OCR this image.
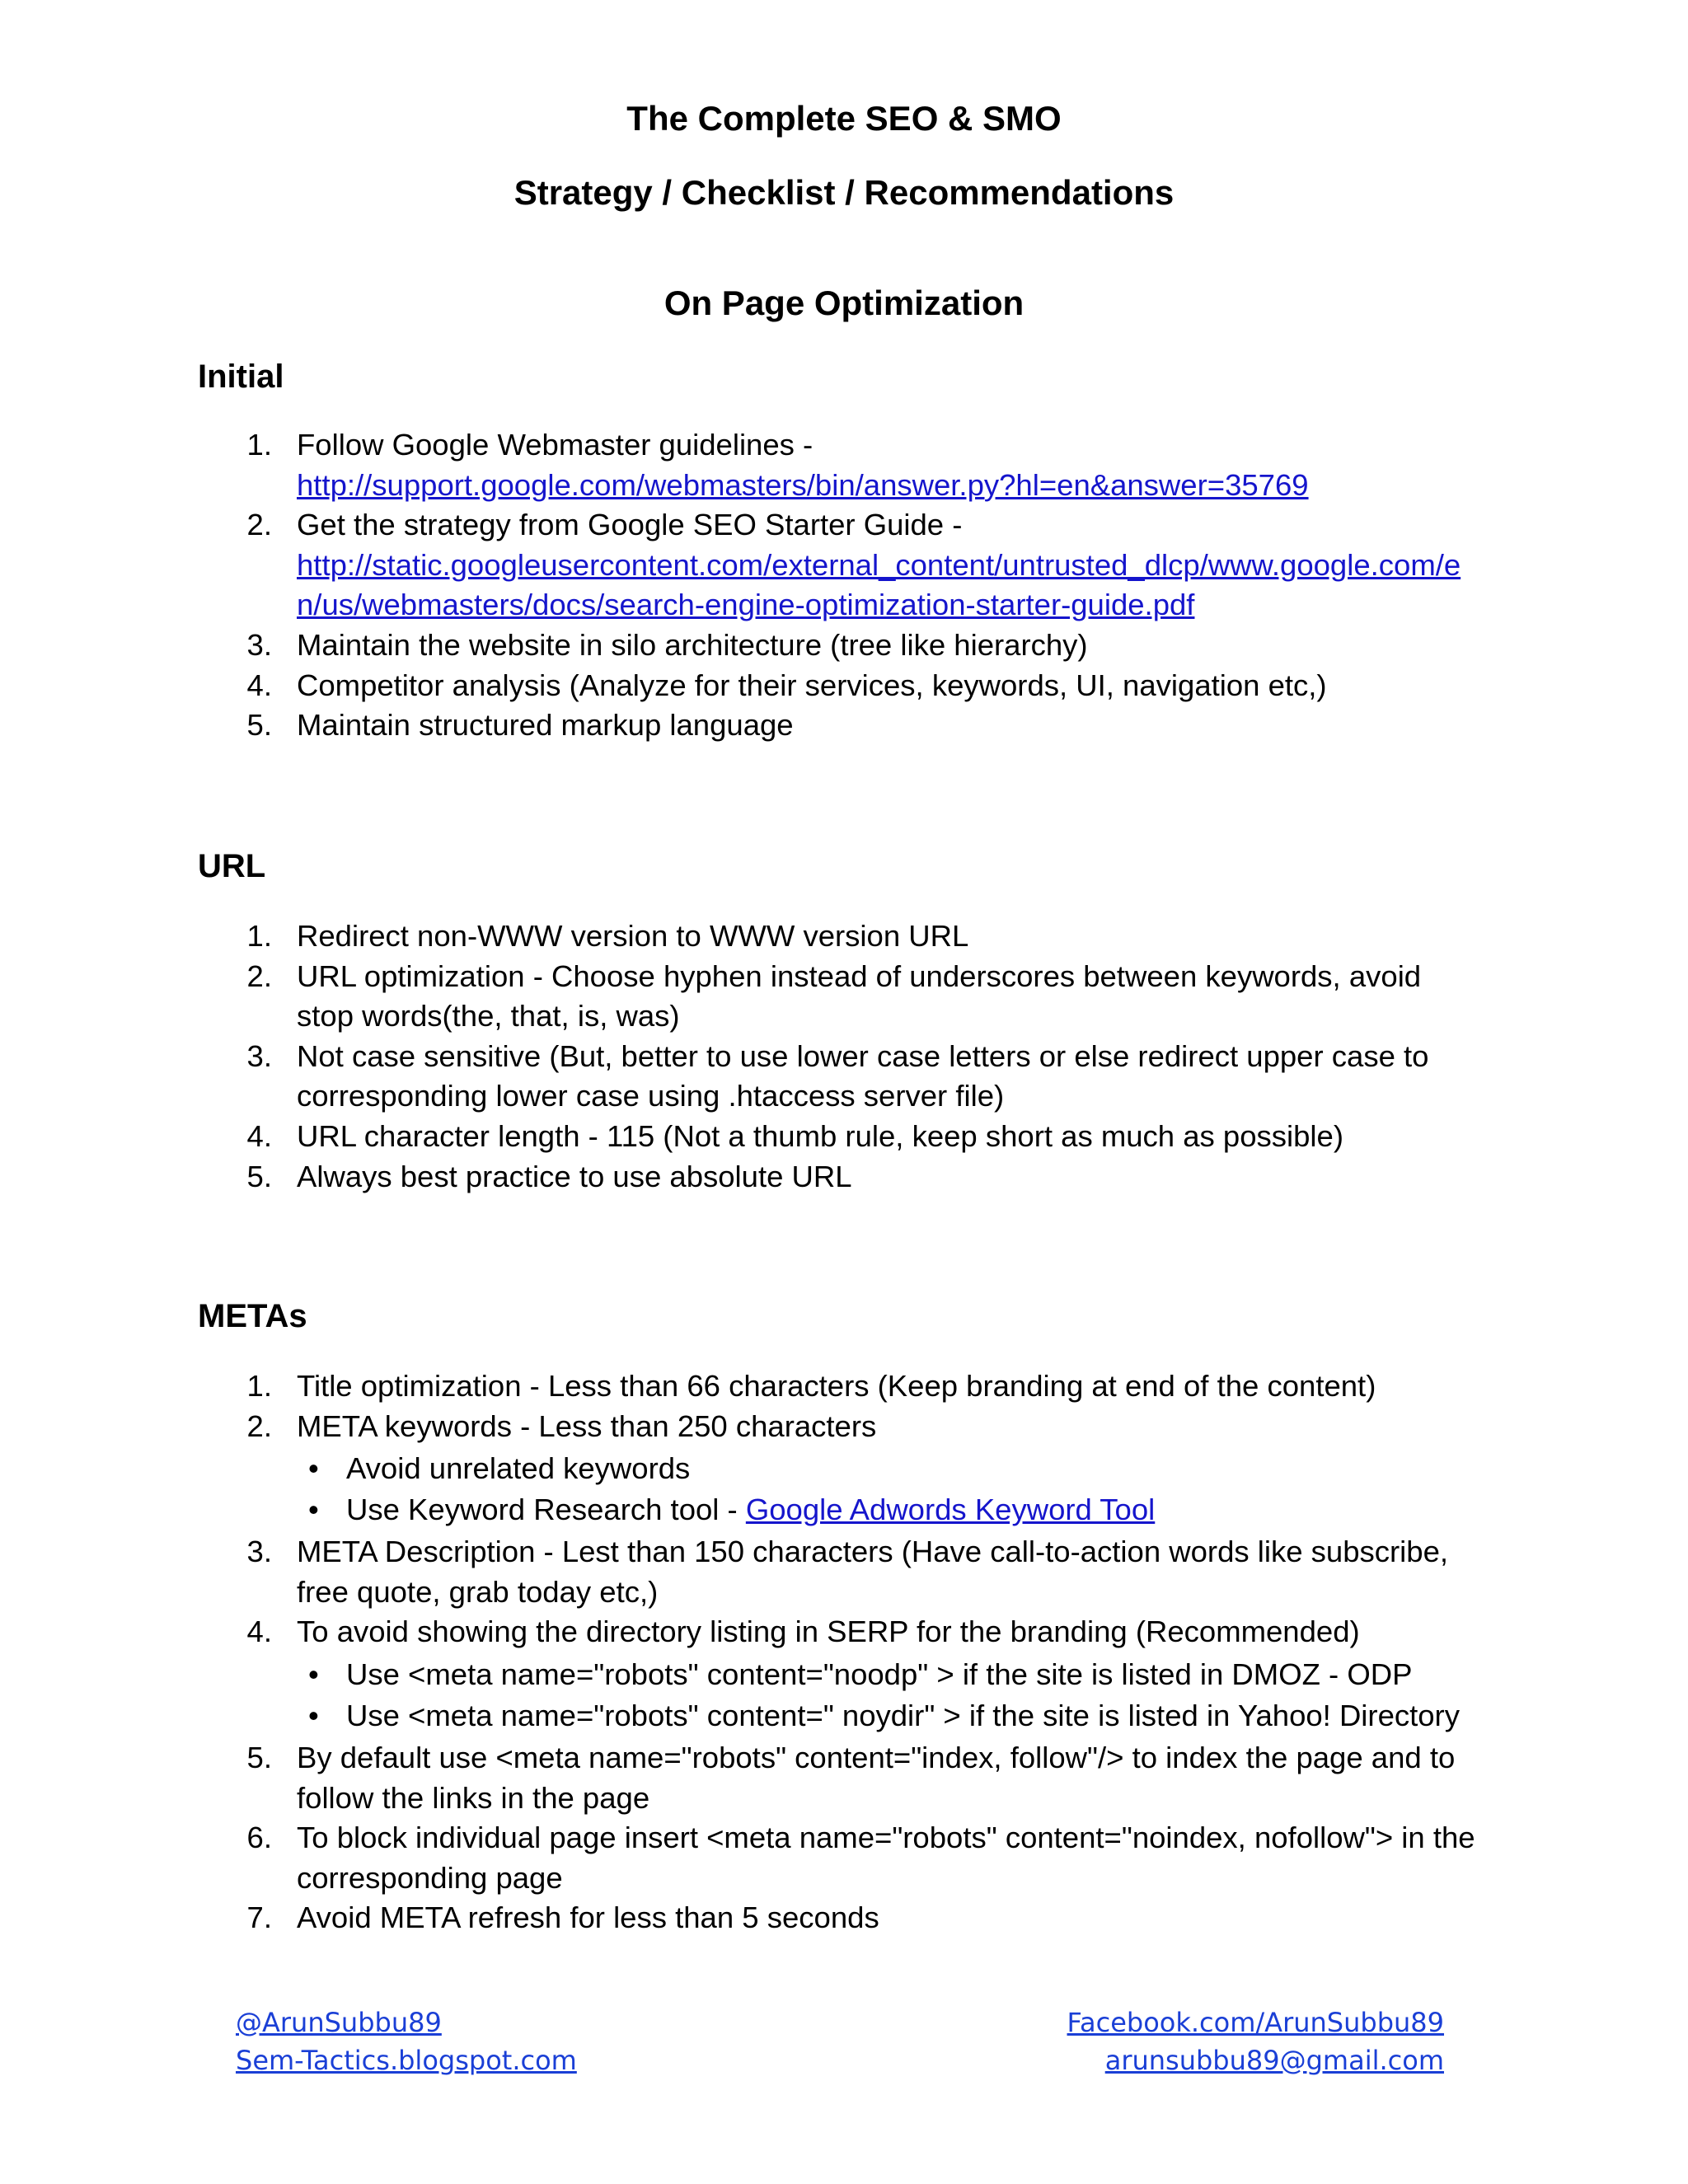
The Complete SEO & SMO
Strategy / Checklist / Recommendations
On Page Optimization
Initial
1. Follow Google Webmaster guidelines -
http://support.google.com/webmasters/bin/answer.py?hl=en&answer=35769
2. Get the strategy from Google SEO Starter Guide -
http://static.googleusercontent.com/external_content/untrusted_dlcp/www.google.com/e
n/us/webmasters/docs/search-engine-optimization-starter-guide.pdf
3. Maintain the website in silo architecture (tree like hierarchy)
4. Competitor analysis (Analyze for their services, keywords, UI, navigation etc,)
5. Maintain structured markup language
URL
1. Redirect non-WWW version to WWW version URL
2. URL optimization - Choose hyphen instead of underscores between keywords, avoid stop words(the, that, is, was)
3. Not case sensitive (But, better to use lower case letters or else redirect upper case to corresponding lower case using .htaccess server file)
4. URL character length - 115 (Not a thumb rule, keep short as much as possible)
5. Always best practice to use absolute URL
METAs
1. Title optimization - Less than 66 characters (Keep branding at end of the content)
2. META keywords - Less than 250 characters
• Avoid unrelated keywords
• Use Keyword Research tool - Google Adwords Keyword Tool
3. META Description - Lest than 150 characters (Have call-to-action words like subscribe, free quote, grab today etc,)
4. To avoid showing the directory listing in SERP for the branding (Recommended)
• Use <meta name="robots" content="noodp" > if the site is listed in DMOZ - ODP
• Use <meta name="robots" content=" noydir" > if the site is listed in Yahoo! Directory
5. By default use <meta name="robots" content="index, follow"/> to index the page and to follow the links in the page
6. To block individual page insert <meta name="robots" content="noindex, nofollow"> in the corresponding page
7. Avoid META refresh for less than 5 seconds
@ArunSubbu89
Sem-Tactics.blogspot.com
Facebook.com/ArunSubbu89
arunsubbu89@gmail.com
